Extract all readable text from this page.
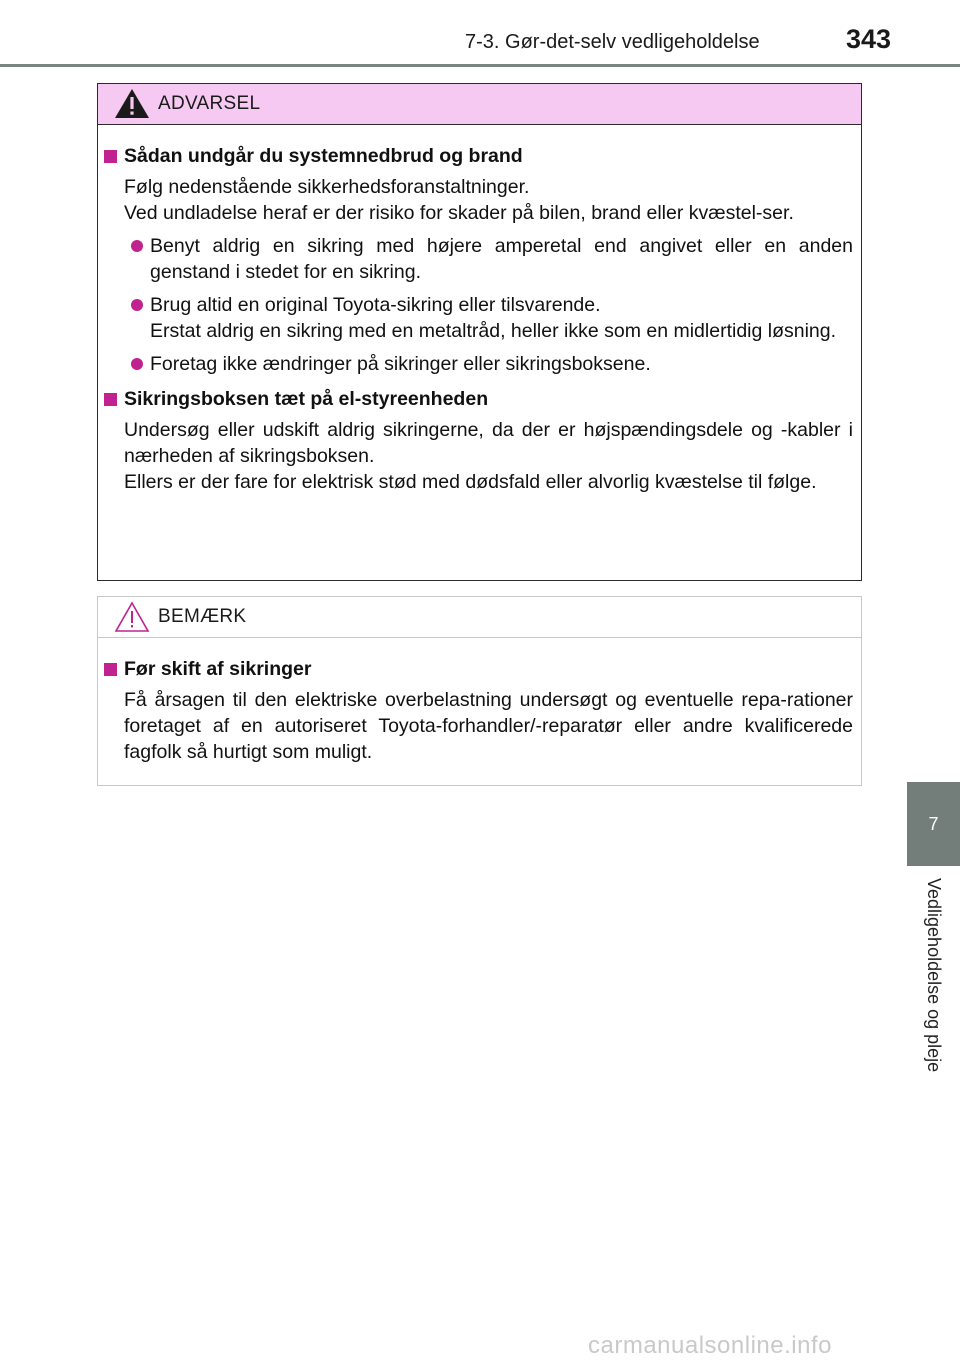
7-3. Gør-det-selv vedligeholdelse	343
7
Vedligeholdelse og pleje
ADVARSEL
Sådan undgår du systemnedbrud og brand
Følg nedenstående sikkerhedsforanstaltninger.
Ved undladelse heraf er der risiko for skader på bilen, brand eller kvæstel-ser.
Benyt aldrig en sikring med højere amperetal end angivet eller en anden genstand i stedet for en sikring.
Brug altid en original Toyota-sikring eller tilsvarende.
Erstat aldrig en sikring med en metaltråd, heller ikke som en midlertidig løsning.
Foretag ikke ændringer på sikringer eller sikringsboksene.
Sikringsboksen tæt på el-styreenheden
Undersøg eller udskift aldrig sikringerne, da der er højspændingsdele og -kabler i nærheden af sikringsboksen.
Ellers er der fare for elektrisk stød med dødsfald eller alvorlig kvæstelse til følge.
BEMÆRK
Før skift af sikringer
Få årsagen til den elektriske overbelastning undersøgt og eventuelle repa-rationer foretaget af en autoriseret Toyota-forhandler/-reparatør eller andre kvalificerede fagfolk så hurtigt som muligt.
carmanualsonline.info
